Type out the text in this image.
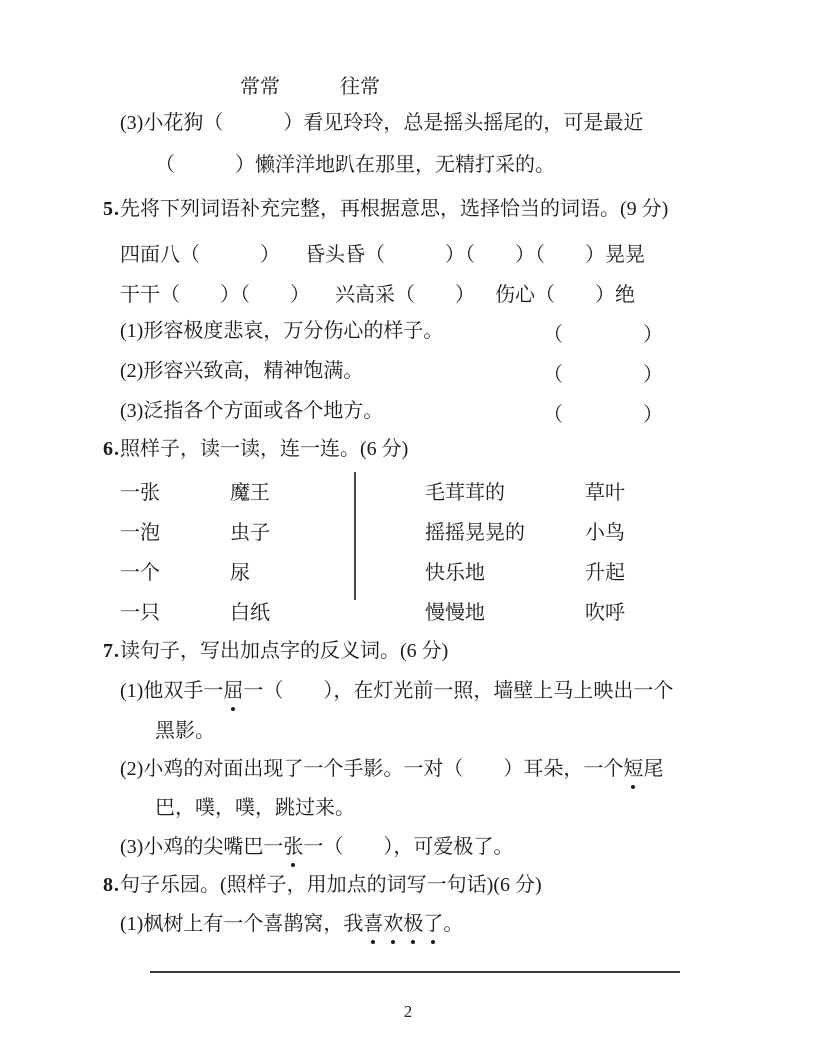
常常	往常
(3)小花狗（　　　）看见玲玲，总是摇头摇尾的，可是最近
（　　　）懒洋洋地趴在那里，无精打采的。
5.先将下列词语补充完整，再根据意思，选择恰当的词语。(9 分)
四面八（　　　） 昏头昏（　　　）
（　　）（　　）晃晃
干干（　　）（　　） 兴高采（　　） 伤心（　　）绝
(1)形容极度悲哀，万分伤心的样子。	（　　　　）
(2)形容兴致高，精神饱满。	（　　　　）
(3)泛指各个方面或各个地方。	（　　　　）
6.照样子，读一读，连一连。(6 分)
一张	魔王	毛茸茸的	草叶
一泡	虫子	摇摇晃晃的	小鸟
一个	尿	快乐地	升起
一只	白纸	慢慢地	吹呼
7.读句子，写出加点字的反义词。(6 分)
(1)他双手一屈一（　　），在灯光前一照，墙壁上马上映出一个
黑影。
(2)小鸡的对面出现了一个手影。一对（　　）耳朵，一个短尾
巴，噗，噗，跳过来。
(3)小鸡的尖嘴巴一张一（　　），可爱极了。
8.句子乐园。(照样子，用加点的词写一句话)(6 分)
(1)枫树上有一个喜鹊窝，我喜欢极了。
2
